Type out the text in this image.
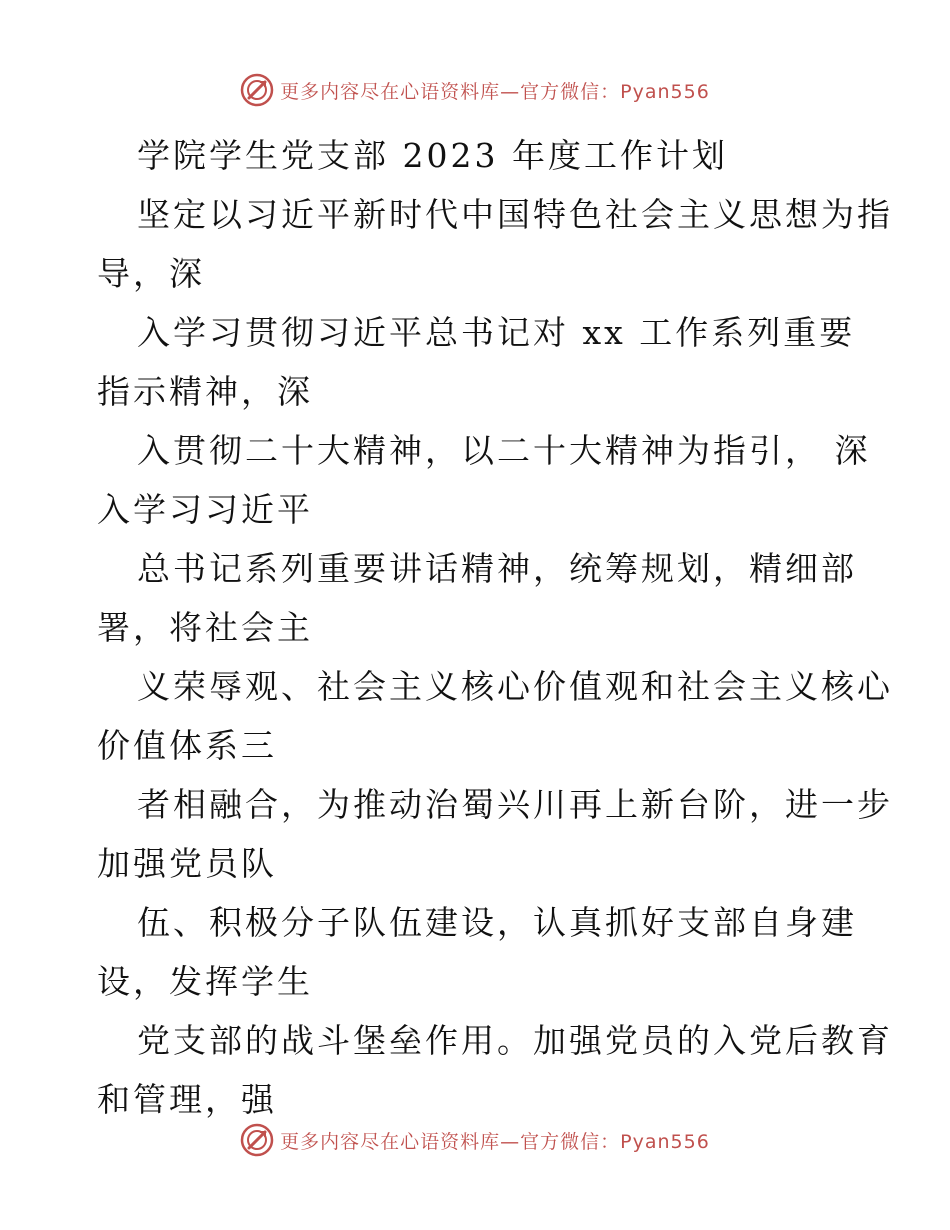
更多内容尽在心语资料库—官方微信：Pyan556
学院学生党支部 2023 年度工作计划
坚定以习近平新时代中国特色社会主义思想为指
导，深
入学习贯彻习近平总书记对 xx 工作系列重要
指示精神，深
入贯彻二十大精神，以二十大精神为指引， 深
入学习习近平
总书记系列重要讲话精神，统筹规划，精细部
署，将社会主
义荣辱观、社会主义核心价值观和社会主义核心
价值体系三
者相融合，为推动治蜀兴川再上新台阶，进一步
加强党员队
伍、积极分子队伍建设，认真抓好支部自身建
设，发挥学生
党支部的战斗堡垒作用。加强党员的入党后教育
和管理，强
更多内容尽在心语资料库—官方微信：Pyan556
